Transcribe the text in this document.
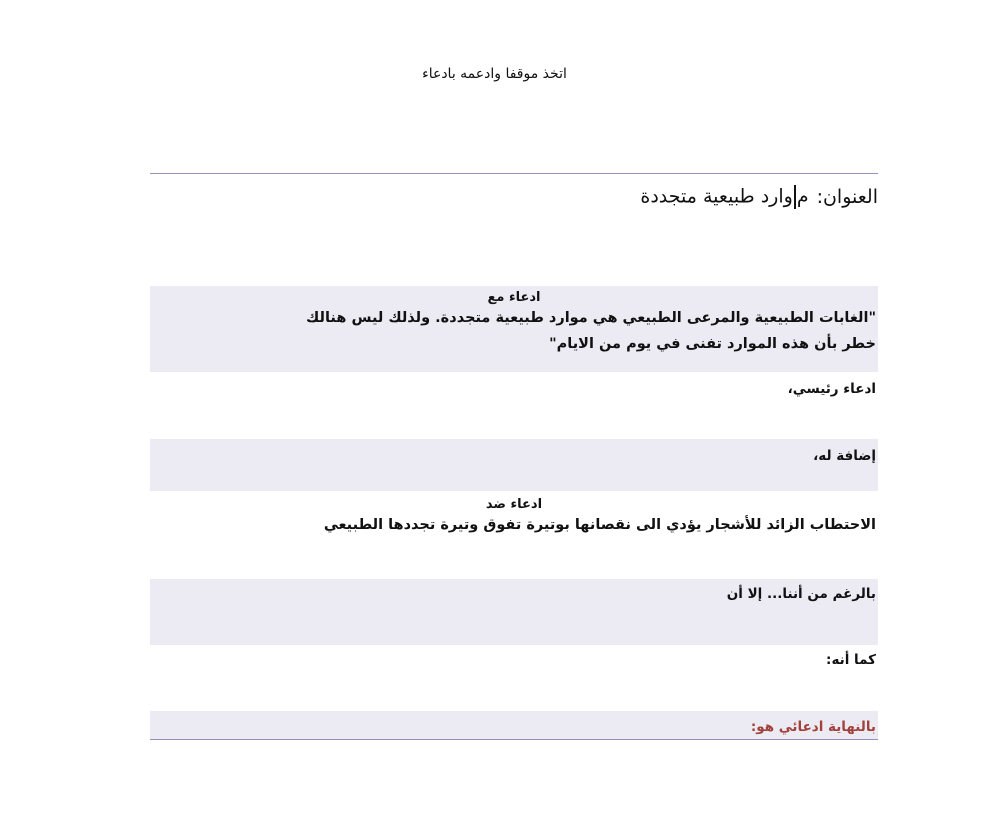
اتخذ موقفا وادعمه بادعاء
العنوان:
موارد طبيعية متجددة
ادعاء مع
"الغابات الطبيعية والمرعى الطبيعي هي موارد طبيعية متجددة. ولذلك ليس هنالك
خطر بأن هذه الموارد تفنى في يوم من الايام"
ادعاء رئيسي،
إضافة له،
ادعاء ضد
الاحتطاب الزائد للأشجار يؤدي الى نقصانها بوتيرة تفوق وتيرة تجددها الطبيعي
بالرغم من أننا... إلا أن
كما أنه:
بالنهاية ادعائي هو:
